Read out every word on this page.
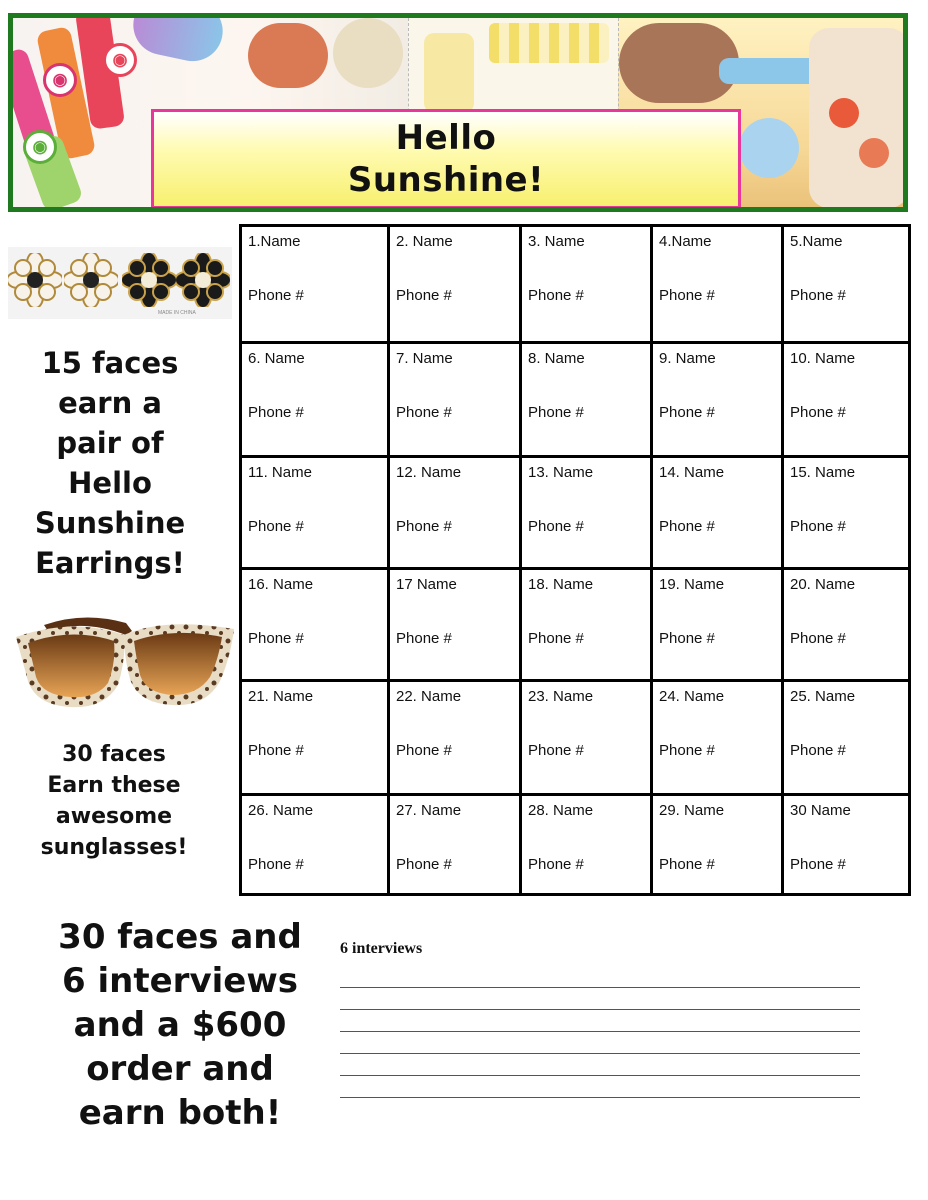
◉
◉
◉	Hello
Sunshine!
MADE IN CHINA
15 faces
earn a
pair of
Hello
Sunshine
Earrings!
30 faces
Earn these
awesome
sunglasses!
30 faces and
6 interviews
and a $600
order and
earn both!
1.Name
Phone #
2. Name
Phone #
3. Name
Phone #
4.Name
Phone #
5.Name
Phone #
6. Name
Phone #
7. Name
Phone #
8. Name
Phone #
9. Name
Phone #
10. Name
Phone #
11. Name
Phone #
12. Name
Phone #
13. Name
Phone #
14. Name
Phone #
15. Name
Phone #
16. Name
Phone #
17 Name
Phone #
18. Name
Phone #
19. Name
Phone #
20. Name
Phone #
21. Name
Phone #
22. Name
Phone #
23. Name
Phone #
24. Name
Phone #
25. Name
Phone #
26. Name
Phone #
27. Name
Phone #
28. Name
Phone #
29. Name
Phone #
30 Name
Phone #
6 interviews
